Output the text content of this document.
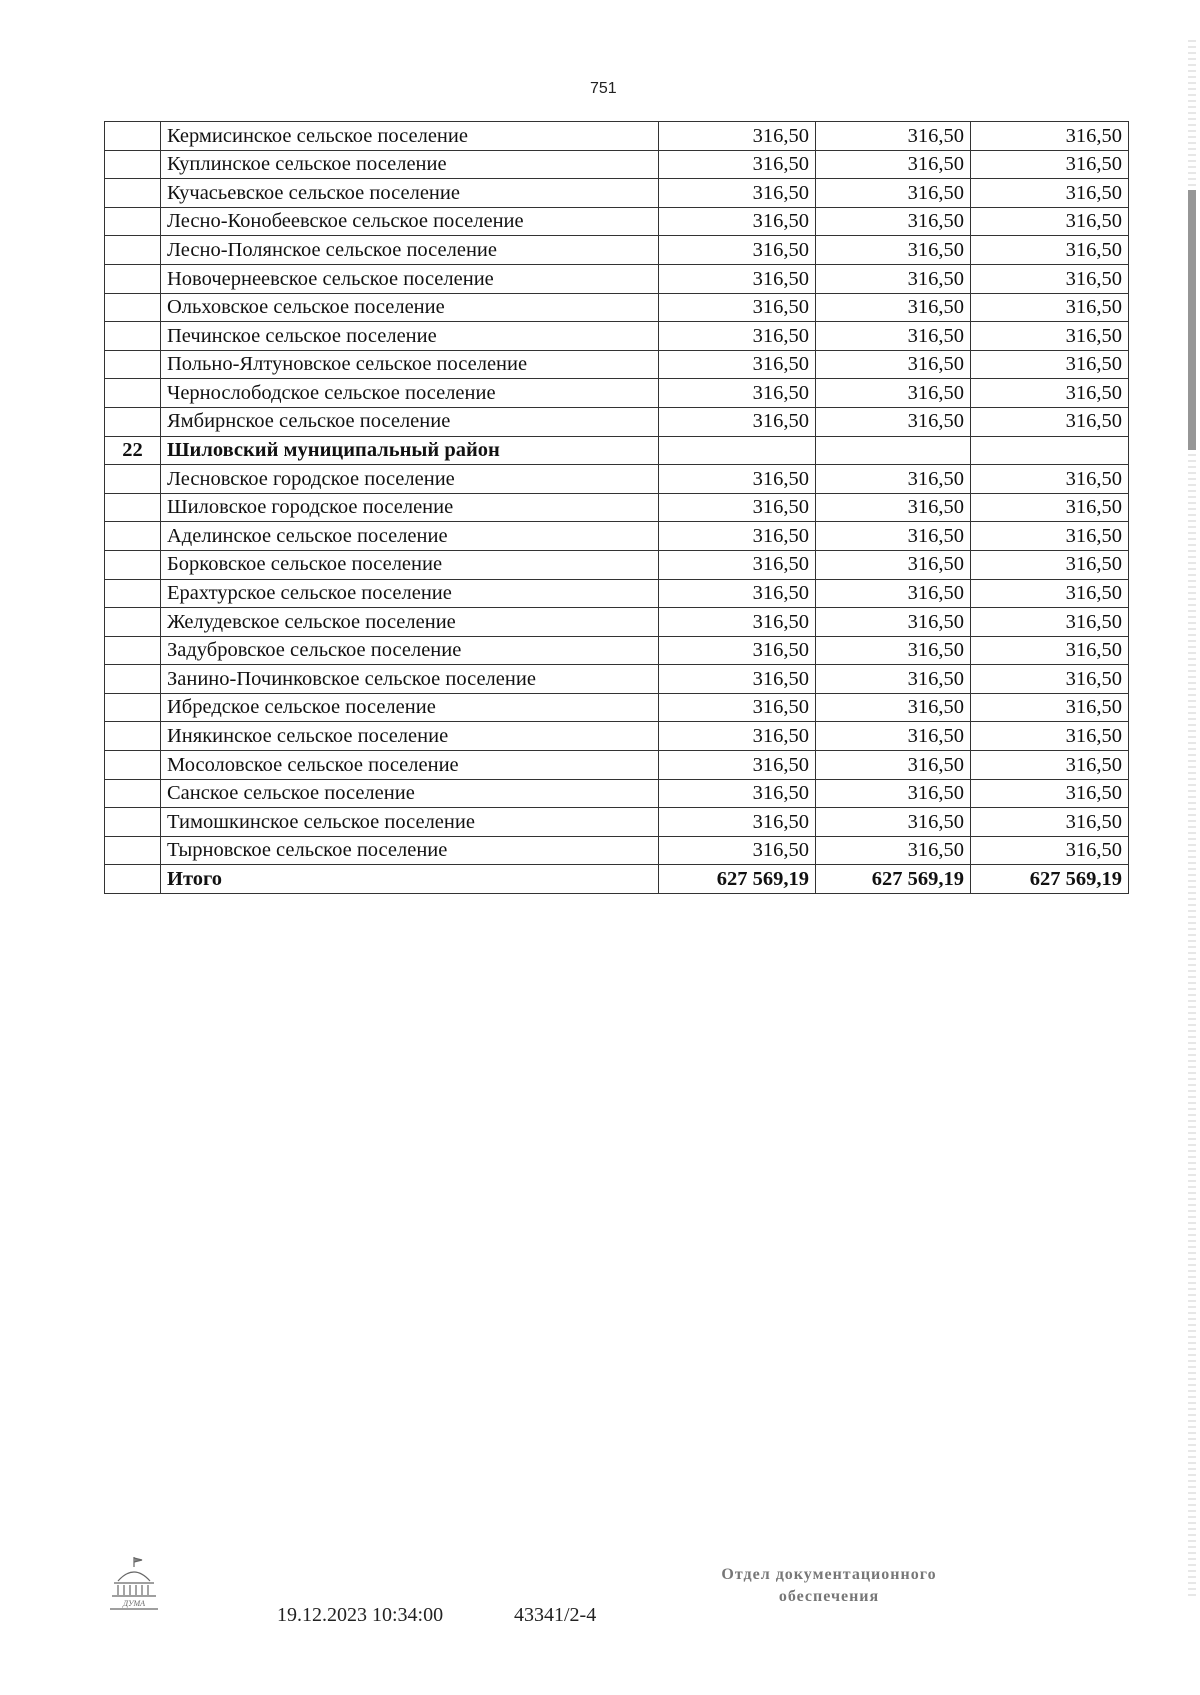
751
	Кермисинское сельское поселение	316,50	316,50	316,50
	Куплинское сельское поселение	316,50	316,50	316,50
	Кучасьевское сельское поселение	316,50	316,50	316,50
	Лесно-Конобеевское сельское поселение	316,50	316,50	316,50
	Лесно-Полянское сельское поселение	316,50	316,50	316,50
	Новочернеевское сельское поселение	316,50	316,50	316,50
	Ольховское сельское поселение	316,50	316,50	316,50
	Печинское сельское поселение	316,50	316,50	316,50
	Польно-Ялтуновское сельское поселение	316,50	316,50	316,50
	Чернослободское сельское поселение	316,50	316,50	316,50
	Ямбирнское сельское поселение	316,50	316,50	316,50
22	Шиловский муниципальный район			
	Лесновское городское поселение	316,50	316,50	316,50
	Шиловское городское поселение	316,50	316,50	316,50
	Аделинское сельское поселение	316,50	316,50	316,50
	Борковское сельское поселение	316,50	316,50	316,50
	Ерахтурское сельское поселение	316,50	316,50	316,50
	Желудевское сельское поселение	316,50	316,50	316,50
	Задубровское сельское поселение	316,50	316,50	316,50
	Занино-Починковское сельское поселение	316,50	316,50	316,50
	Ибредское сельское поселение	316,50	316,50	316,50
	Инякинское сельское поселение	316,50	316,50	316,50
	Мосоловское сельское поселение	316,50	316,50	316,50
	Санское сельское поселение	316,50	316,50	316,50
	Тимошкинское сельское поселение	316,50	316,50	316,50
	Тырновское сельское поселение	316,50	316,50	316,50
	Итого	627 569,19	627 569,19	627 569,19
ДУМА
19.12.2023 10:34:00	43341/2-4
Отдел документационного
обеспечения
